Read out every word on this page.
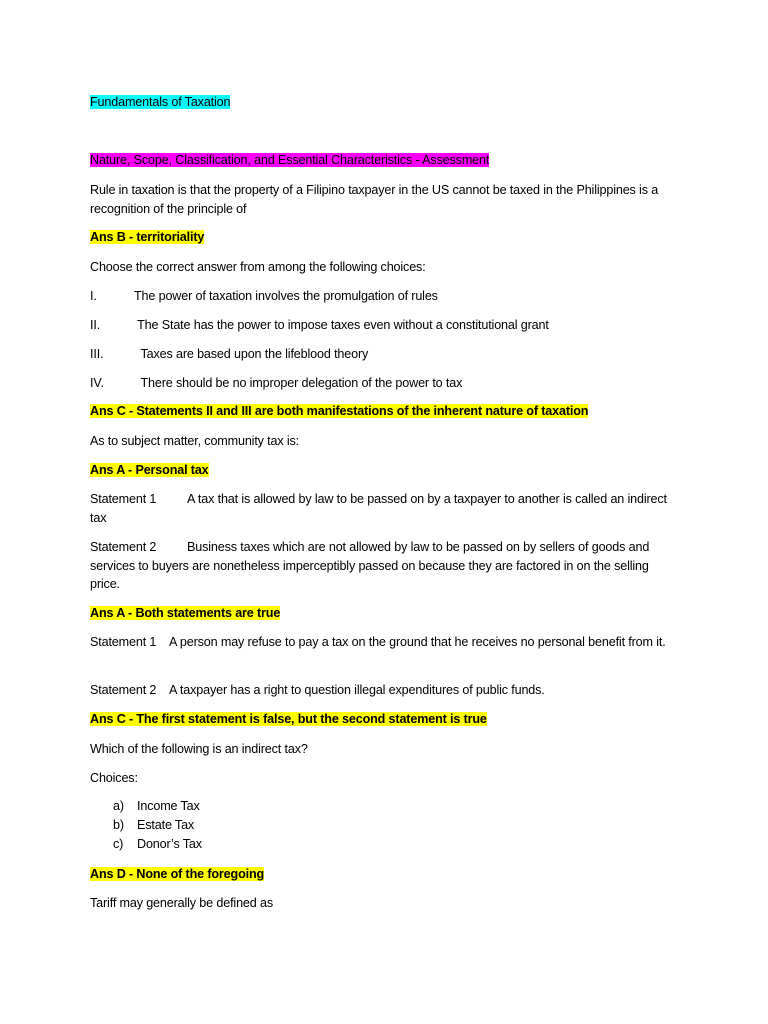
Fundamentals of Taxation
Nature, Scope, Classification, and Essential Characteristics - Assessment
Rule in taxation is that the property of a Filipino taxpayer in the US cannot be taxed in the Philippines is a recognition of the principle of
Ans B - territoriality
Choose the correct answer from among the following choices:
I.	The power of taxation involves the promulgation of rules
II.	The State has the power to impose taxes even without a constitutional grant
III.  Taxes are based upon the lifeblood theory
IV.  There should be no improper delegation of the power to tax
Ans C - Statements II and III are both manifestations of the inherent nature of taxation
As to subject matter, community tax is:
Ans A - Personal tax
Statement 1 A tax that is allowed by law to be passed on by a taxpayer to another is called an indirect tax
Statement 2 Business taxes which are not allowed by law to be passed on by sellers of goods and services to buyers are nonetheless imperceptibly passed on because they are factored in on the selling price.
Ans A - Both statements are true
Statement 1 A person may refuse to pay a tax on the ground that he receives no personal benefit from it.
Statement 2 A taxpayer has a right to question illegal expenditures of public funds.
Ans C - The first statement is false, but the second statement is true
Which of the following is an indirect tax?
Choices:
a) Income Tax
b) Estate Tax
c) Donor’s Tax
Ans D - None of the foregoing
Tariff may generally be defined as
